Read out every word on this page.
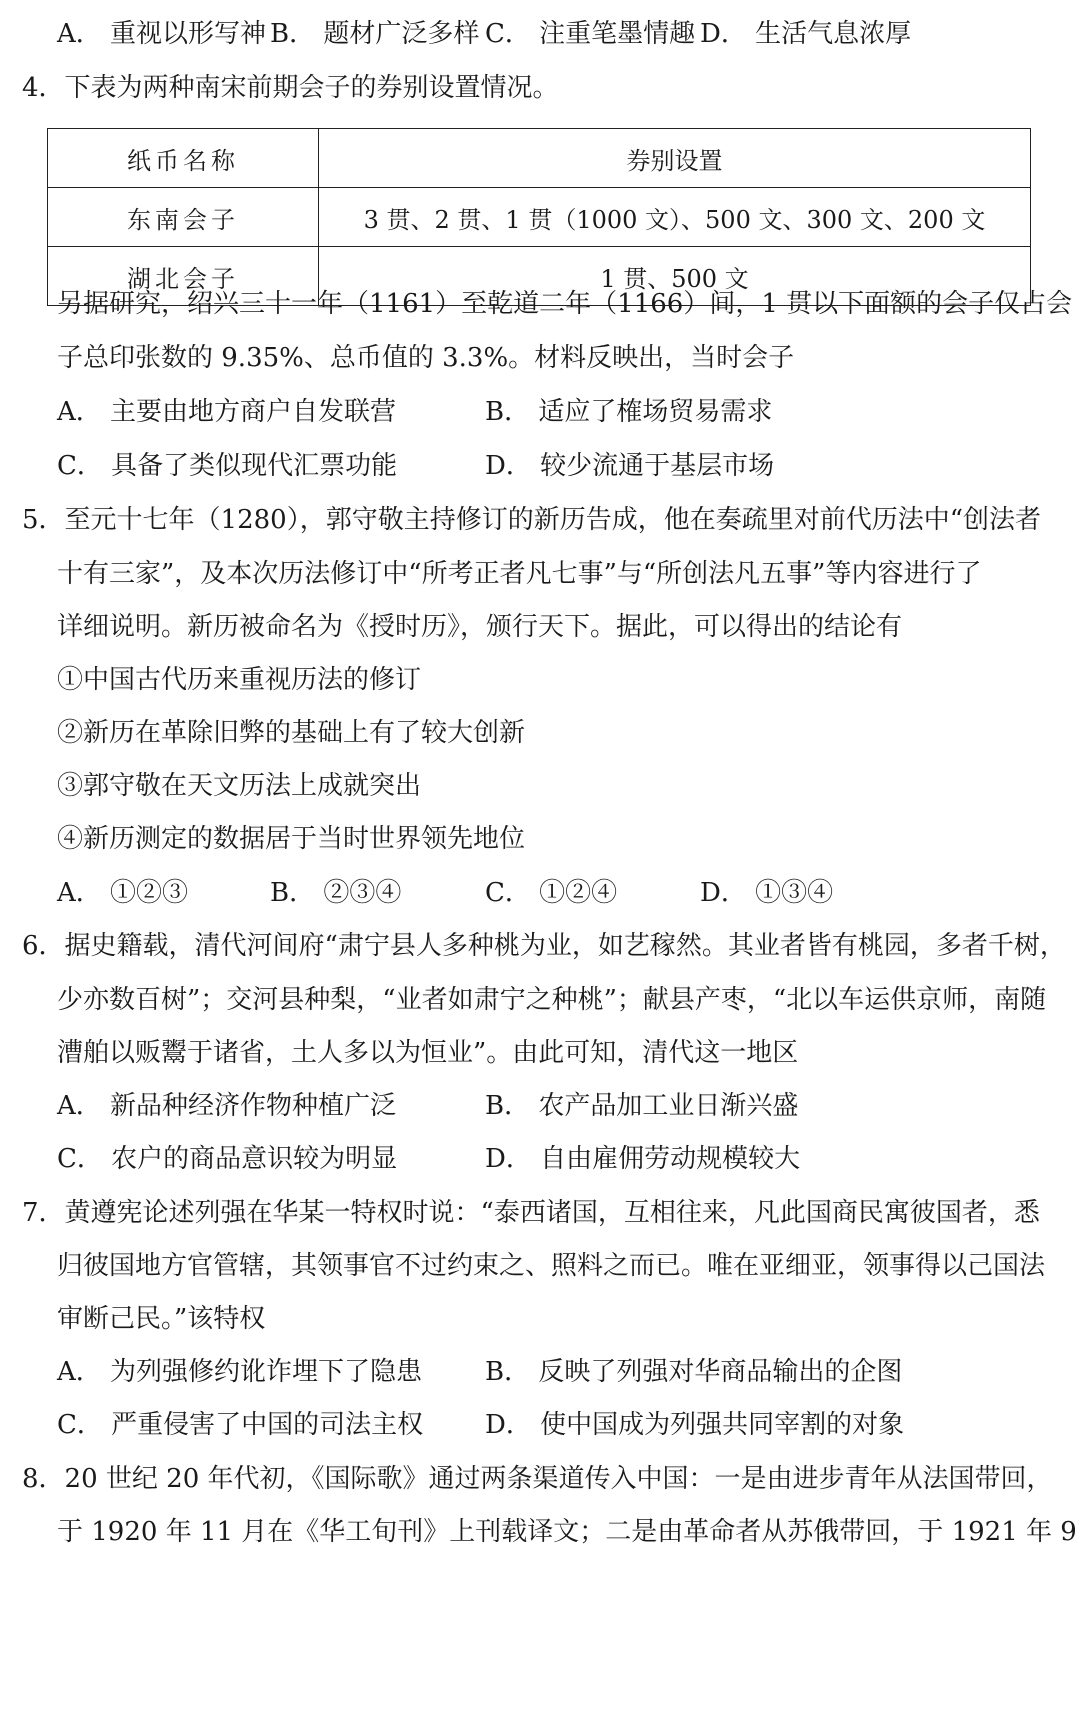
A． 重视以形写神 B． 题材广泛多样 C． 注重笔墨情趣 D． 生活气息浓厚
4．下表为两种南宋前期会子的券别设置情况。
纸币名称	券别设置
东南会子	3 贯、2 贯、1 贯（1000 文）、500 文、300 文、200 文
湖北会子	1 贯、500 文
另据研究，绍兴三十一年（1161）至乾道二年（1166）间，1 贯以下面额的会子仅占会
子总印张数的 9.35%、总币值的 3.3%。材料反映出，当时会子
A． 主要由地方商户自发联营	B． 适应了榷场贸易需求
C． 具备了类似现代汇票功能	D． 较少流通于基层市场
5．至元十七年（1280），郭守敬主持修订的新历告成，他在奏疏里对前代历法中“创法者
十有三家”，及本次历法修订中“所考正者凡七事”与“所创法凡五事”等内容进行了
详细说明。新历被命名为《授时历》，颁行天下。据此，可以得出的结论有
①中国古代历来重视历法的修订
②新历在革除旧弊的基础上有了较大创新
③郭守敬在天文历法上成就突出
④新历测定的数据居于当时世界领先地位
A． ①②③	B． ②③④	C． ①②④	D． ①③④
6．据史籍载，清代河间府“肃宁县人多种桃为业，如艺稼然。其业者皆有桃园，多者千树，
少亦数百树”；交河县种梨，“业者如肃宁之种桃”；献县产枣，“北以车运供京师，南随
漕舶以贩鬻于诸省，土人多以为恒业”。由此可知，清代这一地区
A． 新品种经济作物种植广泛	B． 农产品加工业日渐兴盛
C． 农户的商品意识较为明显	D． 自由雇佣劳动规模较大
7．黄遵宪论述列强在华某一特权时说：“泰西诸国，互相往来，凡此国商民寓彼国者，悉
归彼国地方官管辖，其领事官不过约束之、照料之而已。唯在亚细亚，领事得以己国法
审断己民。”该特权
A． 为列强修约讹诈埋下了隐患 B． 反映了列强对华商品输出的企图
C． 严重侵害了中国的司法主权 D． 使中国成为列强共同宰割的对象
8．20 世纪 20 年代初，《国际歌》通过两条渠道传入中国：一是由进步青年从法国带回，
于 1920 年 11 月在《华工旬刊》上刊载译文；二是由革命者从苏俄带回，于 1921 年 9
